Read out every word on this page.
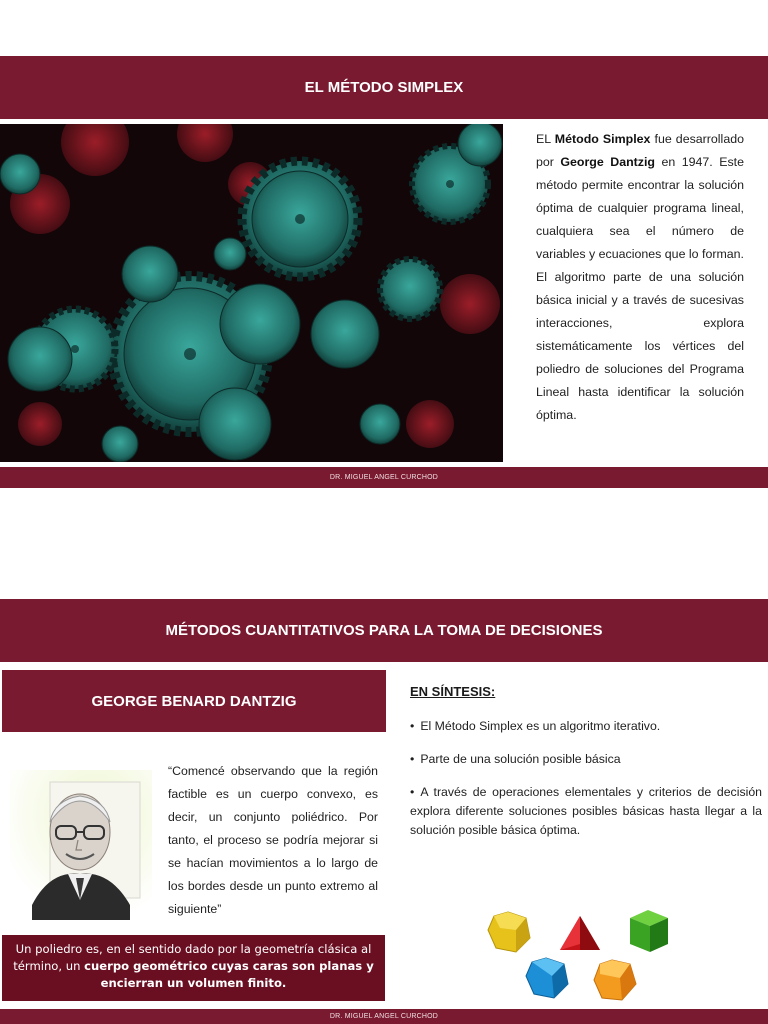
EL MÉTODO SIMPLEX
EL Método Simplex fue desarrollado por George Dantzig en 1947. Este método permite encontrar la solución óptima de cualquier programa lineal, cualquiera sea el número de variables y ecuaciones que lo forman. El algoritmo parte de una solución básica inicial y a través de sucesivas interacciones, explora sistemáticamente los vértices del poliedro de soluciones del Programa Lineal hasta identificar la solución óptima.
DR. MIGUEL ANGEL CURCHOD
MÉTODOS CUANTITATIVOS PARA LA TOMA DE DECISIONES
GEORGE BENARD DANTZIG
“Comencé observando que la región factible es un cuerpo convexo, es decir, un conjunto poliédrico. Por tanto, el proceso se podría mejorar si se hacían movimientos a lo largo de los bordes desde un punto extremo al siguiente”
Un poliedro es, en el sentido dado por la geometría clásica al término, un cuerpo geométrico cuyas caras son planas y encierran un volumen finito.
EN SÍNTESIS:
• El Método Simplex es un algoritmo iterativo.
• Parte de una solución posible básica
• A través de operaciones elementales y criterios de decisión explora diferente soluciones posibles básicas hasta llegar a la solución posible básica óptima.
DR. MIGUEL ANGEL CURCHOD
